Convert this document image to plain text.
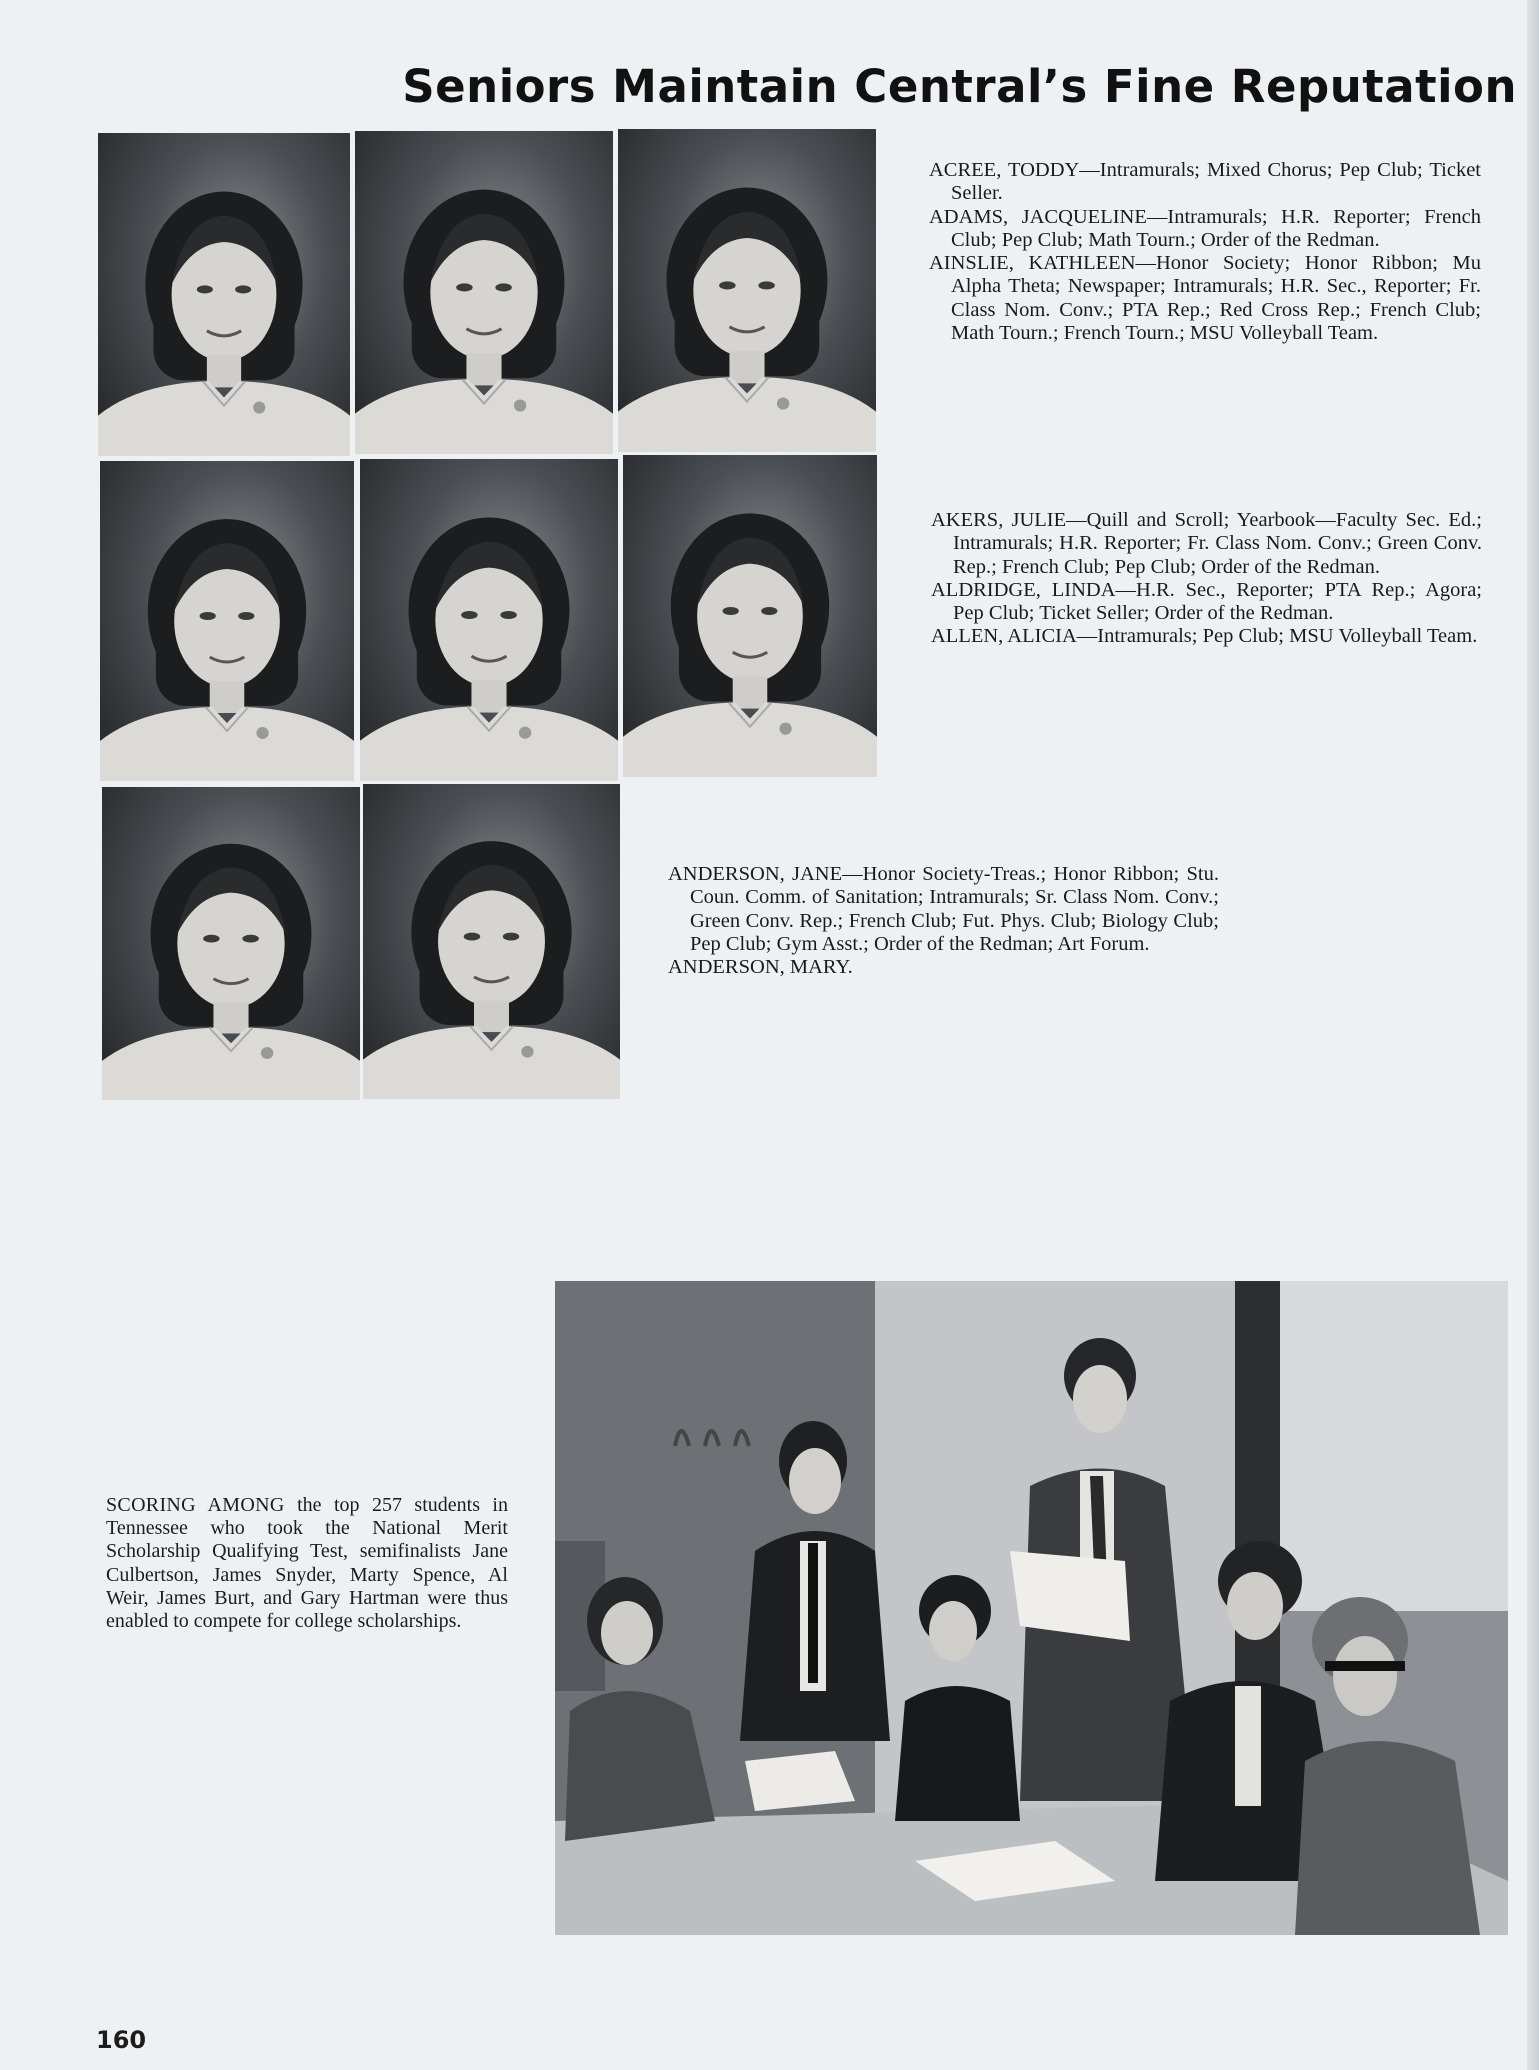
Seniors Maintain Central’s Fine Reputation

ACREE, TODDY—Intramurals; Mixed Chorus; Pep Club; Ticket Seller.

ADAMS, JACQUELINE—Intramurals; H.R. Reporter; French Club; Pep Club; Math Tourn.; Order of the Redman.

AINSLIE, KATHLEEN—Honor Society; Honor Ribbon; Mu Alpha Theta; Newspaper; Intramurals; H.R. Sec., Reporter; Fr. Class Nom. Conv.; PTA Rep.; Red Cross Rep.; French Club; Math Tourn.; French Tourn.; MSU Volleyball Team.

AKERS, JULIE—Quill and Scroll; Yearbook—Faculty Sec. Ed.; Intramurals; H.R. Reporter; Fr. Class Nom. Conv.; Green Conv. Rep.; French Club; Pep Club; Order of the Redman.

ALDRIDGE, LINDA—H.R. Sec., Reporter; PTA Rep.; Agora; Pep Club; Ticket Seller; Order of the Redman.

ALLEN, ALICIA—Intramurals; Pep Club; MSU Volleyball Team.

ANDERSON, JANE—Honor Society-Treas.; Honor Ribbon; Stu. Coun. Comm. of Sanitation; Intramurals; Sr. Class Nom. Conv.; Green Conv. Rep.; French Club; Fut. Phys. Club; Biology Club; Pep Club; Gym Asst.; Order of the Redman; Art Forum.

ANDERSON, MARY.

SCORING AMONG the top 257 students in Tennessee who took the National Merit Scholarship Qualifying Test, semifinalists Jane Culbertson, James Snyder, Marty Spence, Al Weir, James Burt, and Gary Hartman were thus enabled to compete for college scholarships.
160
